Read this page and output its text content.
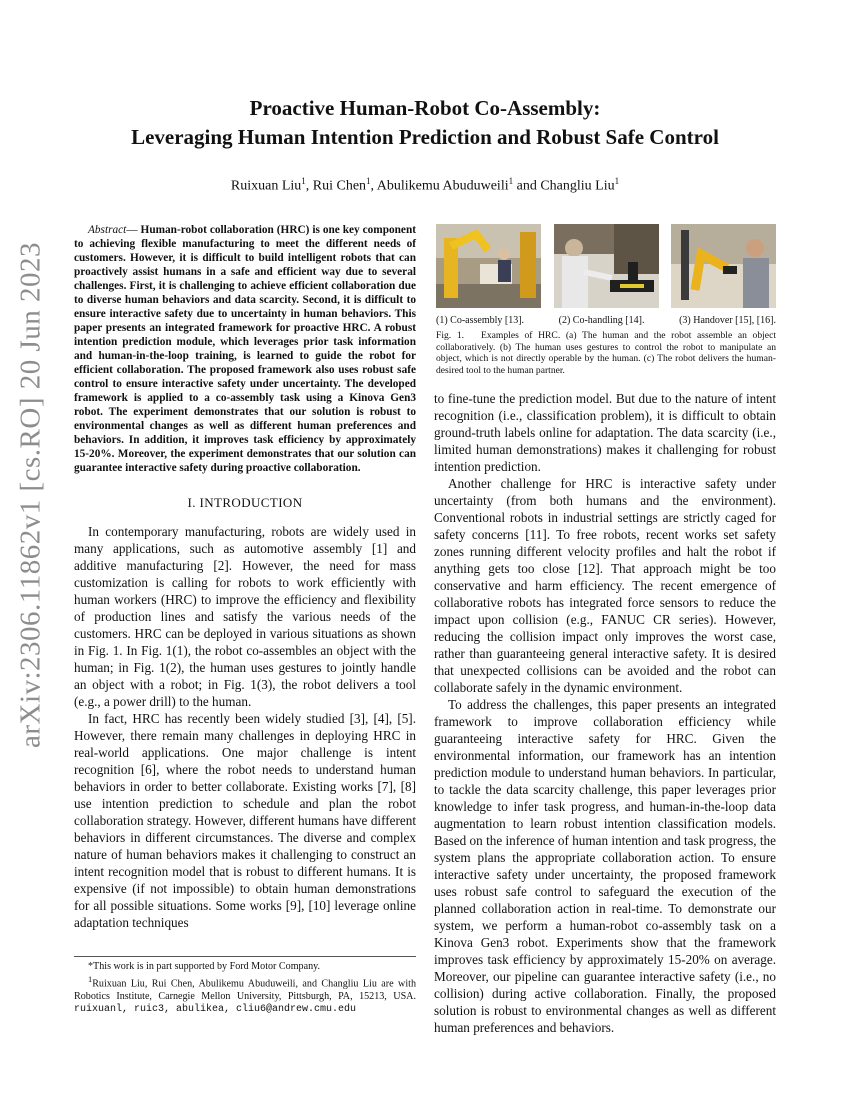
arXiv:2306.11862v1 [cs.RO] 20 Jun 2023
Proactive Human-Robot Co-Assembly:
Leveraging Human Intention Prediction and Robust Safe Control
Ruixuan Liu$^1$, Rui Chen$^1$, Abulikemu Abuduweili$^1$ and Changliu Liu$^1$

Abstract— Human-robot collaboration (HRC) is one key component to achieving flexible manufacturing to meet the different needs of customers. However, it is difficult to build intelligent robots that can proactively assist humans in a safe and efficient way due to several challenges. First, it is challenging to achieve efficient collaboration due to diverse human behaviors and data scarcity. Second, it is difficult to ensure interactive safety due to uncertainty in human behaviors. This paper presents an integrated framework for proactive HRC. A robust intention prediction module, which leverages prior task information and human-in-the-loop training, is learned to guide the robot for efficient collaboration. The proposed framework also uses robust safe control to ensure interactive safety under uncertainty. The developed framework is applied to a co-assembly task using a Kinova Gen3 robot. The experiment demonstrates that our solution is robust to environmental changes as well as different human preferences and behaviors. In addition, it improves task efficiency by approximately 15-20%. Moreover, the experiment demonstrates that our solution can guarantee interactive safety during proactive collaboration.

I. INTRODUCTION

In contemporary manufacturing, robots are widely used in many applications, such as automotive assembly [1] and additive manufacturing [2]. However, the need for mass customization is calling for robots to work efficiently with human workers (HRC) to improve the efficiency and flexibility of production lines and satisfy the various needs of the customers. HRC can be deployed in various situations as shown in Fig. 1. In Fig. 1(1), the robot co-assembles an object with the human; in Fig. 1(2), the human uses gestures to jointly handle an object with a robot; in Fig. 1(3), the robot delivers a tool (e.g., a power drill) to the human.

In fact, HRC has recently been widely studied [3], [4], [5]. However, there remain many challenges in deploying HRC in real-world applications. One major challenge is intent recognition [6], where the robot needs to understand human behaviors in order to better collaborate. Existing works [7], [8] use intention prediction to schedule and plan the robot collaboration strategy. However, different humans have different behaviors in different circumstances. The diverse and complex nature of human behaviors makes it challenging to construct an intent recognition model that is robust to different humans. It is expensive (if not impossible) to obtain human demonstrations for all possible situations. Some works [9], [10] leverage online adaptation techniques

*This work is in part supported by Ford Motor Company.
$^1$Ruixuan Liu, Rui Chen, Abulikemu Abuduweili, and Changliu Liu are with Robotics Institute, Carnegie Mellon University, Pittsburgh, PA, 15213, USA. ruixuanl, ruic3, abulikea, cliu6@andrew.cmu.edu
(1) Co-assembly [13].	(2) Co-handling [14].	(3) Handover [15], [16].
Fig. 1. Examples of HRC. (a) The human and the robot assemble an object collaboratively. (b) The human uses gestures to control the robot to manipulate an object, which is not directly operable by the human. (c) The robot delivers the human-desired tool to the human partner.

to fine-tune the prediction model. But due to the nature of intent recognition (i.e., classification problem), it is difficult to obtain ground-truth labels online for adaptation. The data scarcity (i.e., limited human demonstrations) makes it challenging for robust intention prediction.

Another challenge for HRC is interactive safety under uncertainty (from both humans and the environment). Conventional robots in industrial settings are strictly caged for safety concerns [11]. To free robots, recent works set safety zones running different velocity profiles and halt the robot if anything gets too close [12]. That approach might be too conservative and harm efficiency. The recent emergence of collaborative robots has integrated force sensors to reduce the impact upon collision (e.g., FANUC CR series). However, reducing the collision impact only improves the worst case, rather than guaranteeing general interactive safety. It is desired that unexpected collisions can be avoided and the robot can collaborate safely in the dynamic environment.

To address the challenges, this paper presents an integrated framework to improve collaboration efficiency while guaranteeing interactive safety for HRC. Given the environmental information, our framework has an intention prediction module to understand human behaviors. In particular, to tackle the data scarcity challenge, this paper leverages prior knowledge to infer task progress, and human-in-the-loop data augmentation to learn robust intention classification models. Based on the inference of human intention and task progress, the system plans the appropriate collaboration action. To ensure interactive safety under uncertainty, the proposed framework uses robust safe control to safeguard the execution of the planned collaboration action in real-time. To demonstrate our system, we perform a human-robot co-assembly task on a Kinova Gen3 robot. Experiments show that the framework improves task efficiency by approximately 15-20% on average. Moreover, our pipeline can guarantee interactive safety (i.e., no collision) during active collaboration. Finally, the proposed solution is robust to environmental changes as well as different human preferences and behaviors.
